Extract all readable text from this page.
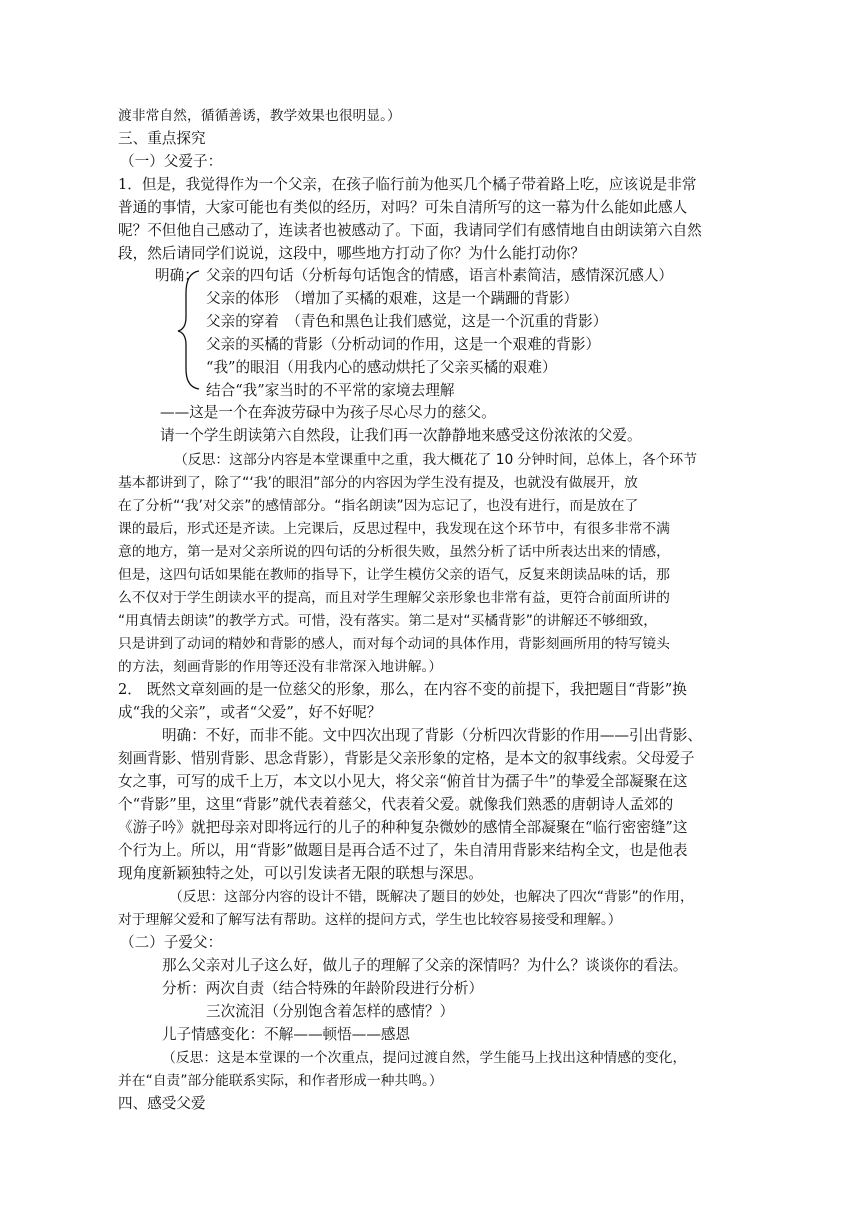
渡非常自然，循循善诱，教学效果也很明显。）
三、重点探究
（一）父爱子：
1．但是，我觉得作为一个父亲，在孩子临行前为他买几个橘子带着路上吃，应该说是非常
普通的事情，大家可能也有类似的经历，对吗？可朱自清所写的这一幕为什么能如此感人
呢？不但他自己感动了，连读者也被感动了。下面，我请同学们有感情地自由朗读第六自然
段，然后请同学们说说，这段中，哪些地方打动了你？为什么能打动你？
明确： 父亲的四句话（分析每句话饱含的情感，语言朴素简洁，感情深沉感人）
父亲的体形　（增加了买橘的艰难，这是一个蹒跚的背影）
父亲的穿着　（青色和黑色让我们感觉，这是一个沉重的背影）
父亲的买橘的背影（分析动词的作用，这是一个艰难的背影）
“我”的眼泪（用我内心的感动烘托了父亲买橘的艰难）
结合“我”家当时的不平常的家境去理解
——这是一个在奔波劳碌中为孩子尽心尽力的慈父。
请一个学生朗读第六自然段，让我们再一次静静地来感受这份浓浓的父爱。
（反思：这部分内容是本堂课重中之重，我大概花了 10 分钟时间，总体上，各个环节
基本都讲到了，除了“‘我’的眼泪”部分的内容因为学生没有提及，也就没有做展开，放
在了分析“‘我’对父亲”的感情部分。“指名朗读”因为忘记了，也没有进行，而是放在了
课的最后，形式还是齐读。上完课后，反思过程中，我发现在这个环节中，有很多非常不满
意的地方，第一是对父亲所说的四句话的分析很失败，虽然分析了话中所表达出来的情感，
但是，这四句话如果能在教师的指导下，让学生模仿父亲的语气，反复来朗读品味的话，那
么不仅对于学生朗读水平的提高，而且对学生理解父亲形象也非常有益，更符合前面所讲的
“用真情去朗读”的教学方式。可惜，没有落实。第二是对“买橘背影”的讲解还不够细致，
只是讲到了动词的精妙和背影的感人，而对每个动词的具体作用，背影刻画所用的特写镜头
的方法，刻画背影的作用等还没有非常深入地讲解。）
2． 既然文章刻画的是一位慈父的形象，那么，在内容不变的前提下，我把题目“背影”换
成“我的父亲”，或者“父爱”，好不好呢？
明确：不好，而非不能。文中四次出现了背影（分析四次背影的作用——引出背影、
刻画背影、惜别背影、思念背影），背影是父亲形象的定格，是本文的叙事线索。父母爱子
女之事，可写的成千上万，本文以小见大，将父亲“俯首甘为孺子牛”的挚爱全部凝聚在这
个“背影”里，这里“背影”就代表着慈父，代表着父爱。就像我们熟悉的唐朝诗人孟郊的
《游子吟》就把母亲对即将远行的儿子的种种复杂微妙的感情全部凝聚在“临行密密缝”这
个行为上。所以，用“背影”做题目是再合适不过了，朱自清用背影来结构全文，也是他表
现角度新颖独特之处，可以引发读者无限的联想与深思。
（反思：这部分内容的设计不错，既解决了题目的妙处，也解决了四次“背影”的作用，
对于理解父爱和了解写法有帮助。这样的提问方式，学生也比较容易接受和理解。）
（二）子爱父：
那么父亲对儿子这么好，做儿子的理解了父亲的深情吗？为什么？谈谈你的看法。
分析：两次自责（结合特殊的年龄阶段进行分析）
三次流泪（分别饱含着怎样的感情？）
儿子情感变化：不解——顿悟——感恩
（反思：这是本堂课的一个次重点，提问过渡自然，学生能马上找出这种情感的变化，
并在“自责”部分能联系实际，和作者形成一种共鸣。）
四、感受父爱
